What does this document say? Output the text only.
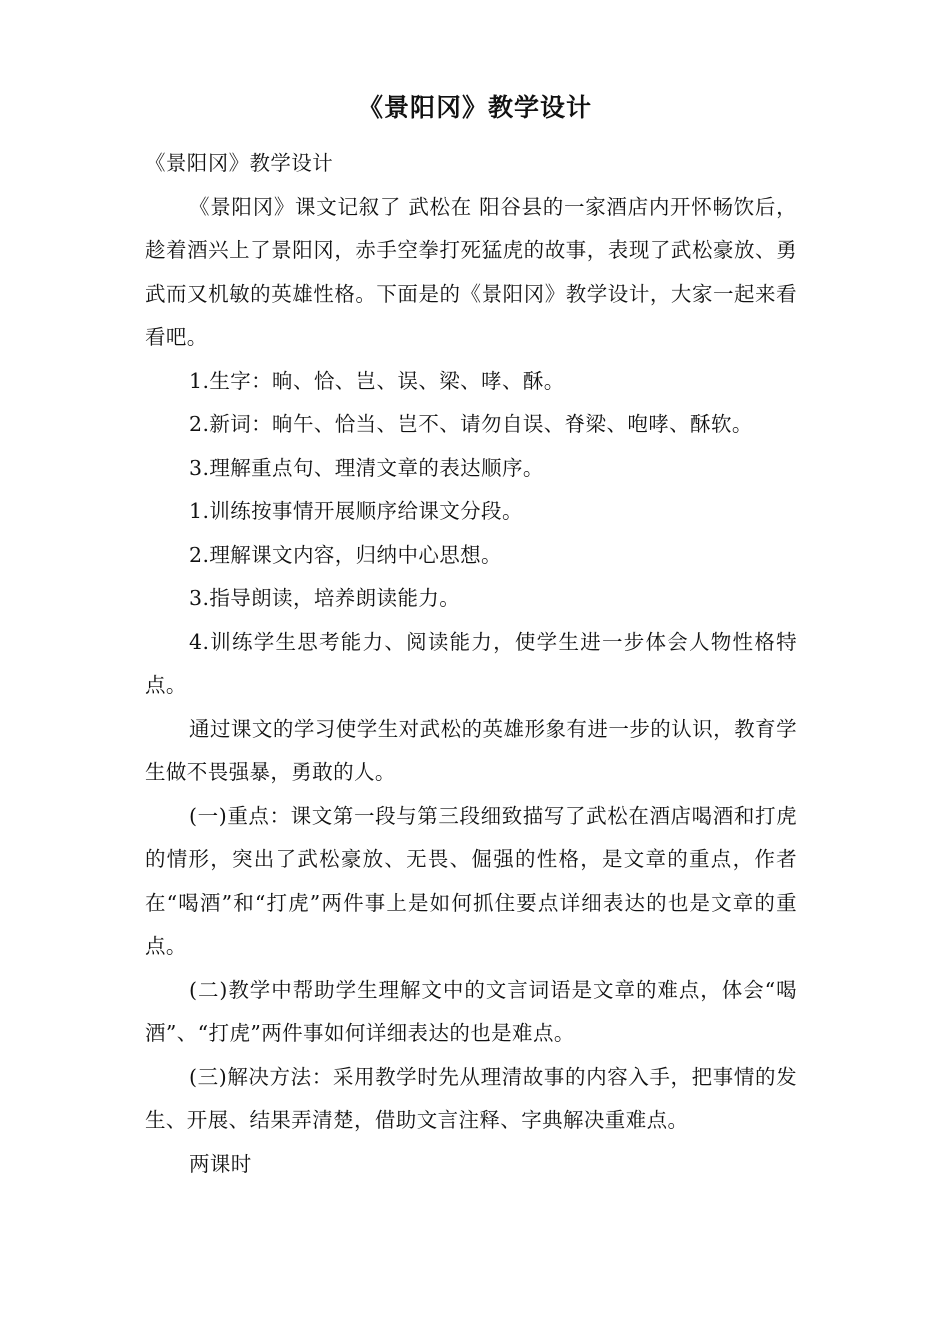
《景阳冈》教学设计

《景阳冈》教学设计

《景阳冈》课文记叙了 武松在 阳谷县的一家酒店内开怀畅饮后，趁着酒兴上了景阳冈，赤手空拳打死猛虎的故事，表现了武松豪放、勇武而又机敏的英雄性格。下面是的《景阳冈》教学设计，大家一起来看看吧。

1.生字：晌、恰、岂、误、梁、哮、酥。

2.新词：晌午、恰当、岂不、请勿自误、脊梁、咆哮、酥软。

3.理解重点句、理清文章的表达顺序。

1.训练按事情开展顺序给课文分段。

2.理解课文内容，归纳中心思想。

3.指导朗读，培养朗读能力。

4.训练学生思考能力、阅读能力，使学生进一步体会人物性格特点。

通过课文的学习使学生对武松的英雄形象有进一步的认识，教育学生做不畏强暴，勇敢的人。

(一)重点：课文第一段与第三段细致描写了武松在酒店喝酒和打虎的情形，突出了武松豪放、无畏、倔强的性格，是文章的重点，作者在“喝酒”和“打虎”两件事上是如何抓住要点详细表达的也是文章的重点。

(二)教学中帮助学生理解文中的文言词语是文章的难点，体会“喝酒”、“打虎”两件事如何详细表达的也是难点。

(三)解决方法：采用教学时先从理清故事的内容入手，把事情的发生、开展、结果弄清楚，借助文言注释、字典解决重难点。

两课时
